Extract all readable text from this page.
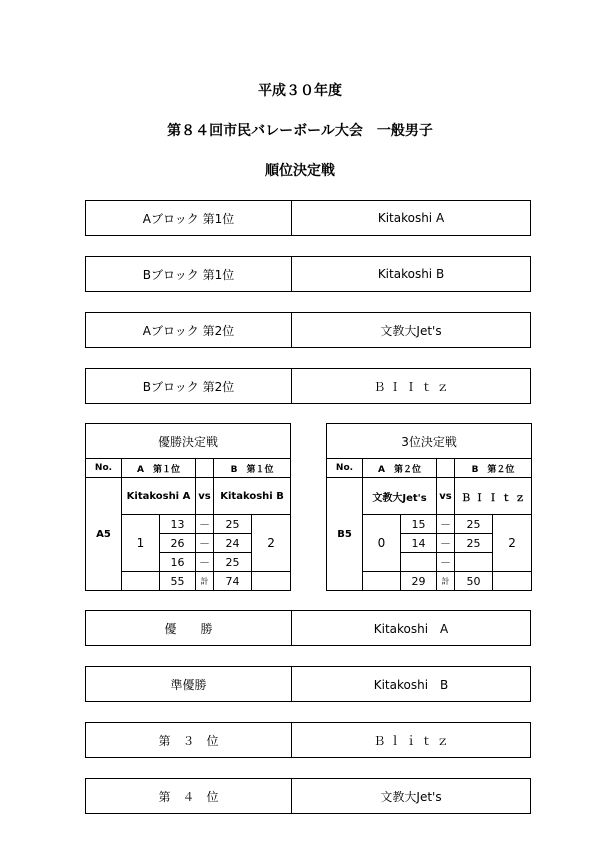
平成３０年度
第８４回市民バレーボール大会　一般男子
順位決定戦
Aブロック 第1位	Kitakoshi A
Bブロック 第1位	Kitakoshi B
Aブロック 第2位	文教大Jet's
Bブロック 第2位	Ｂ Ｉ Ｉ ｔ ｚ
優勝決定戦					
No.	A　第１位			B　第１位	
A5	Kitakoshi A		vs	Kitakoshi B	
	1	13	－	25	2
		26	－	24	
		16	－	25	
		55	計	74	
3位決定戦					
No.	A　第２位			B　第２位	
B5	文教大Jet's		vs	Ｂ Ｉ Ｉ ｔ ｚ	
	0	15	－	25	2
		14	－	25	
			－		
		29	計	50	
優　　勝	Kitakoshi　A
準優勝	Kitakoshi　B
第　３　位	Ｂ ｌ ｉ ｔ ｚ
第　４　位	文教大Jet's
